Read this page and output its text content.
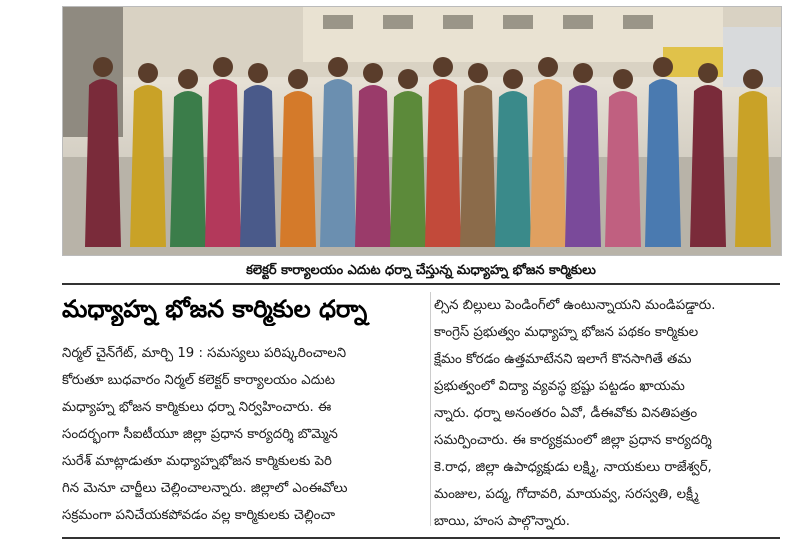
కలెక్టర్ కార్యాలయం ఎదుట ధర్నా చేస్తున్న మధ్యాహ్న భోజన కార్మికులు
మధ్యాహ్న భోజన కార్మికుల ధర్నా
నిర్మల్ చైన్‌గేట్, మార్చి 19 : సమస్యలు పరిష్కరించాలని
కోరుతూ బుధవారం నిర్మల్ కలెక్టర్ కార్యాలయం ఎదుట
మధ్యాహ్న భోజన కార్మికులు ధర్నా నిర్వహించారు. ఈ
సందర్భంగా సీఐటీయూ జిల్లా ప్రధాన కార్యదర్శి బొమ్మెన
సురేశ్ మాట్లాడుతూ మధ్యాహ్నభోజన కార్మికులకు పెరి
గిన మెనూ చార్జీలు చెల్లించాలన్నారు. జిల్లాలో ఎంఈవోలు
సక్రమంగా పనిచేయకపోవడం వల్ల కార్మికులకు చెల్లించా
ల్సిన బిల్లులు పెండింగ్‌లో ఉంటున్నాయని మండిపడ్డారు.
కాంగ్రెస్ ప్రభుత్వం మధ్యాహ్న భోజన పథకం కార్మికుల
క్షేమం కోరడం ఉత్తమాటేనని ఇలాగే కొనసాగితే తమ
ప్రభుత్వంలో విద్యా వ్యవస్థ భ్రష్టు పట్టడం ఖాయమ
న్నారు. ధర్నా అనంతరం ఏవో, డీఈవోకు వినతిపత్రం
సమర్పించారు. ఈ కార్యక్రమంలో జిల్లా ప్రధాన కార్యదర్శి
కె.రాధ, జిల్లా ఉపాధ్యక్షుడు లక్ష్మి, నాయకులు రాజేశ్వర్,
మంజుల, పద్మ, గోదావరి, మాయవ్వ, సరస్వతి, లక్ష్మీ
బాయి, హంస పాల్గొన్నారు.
